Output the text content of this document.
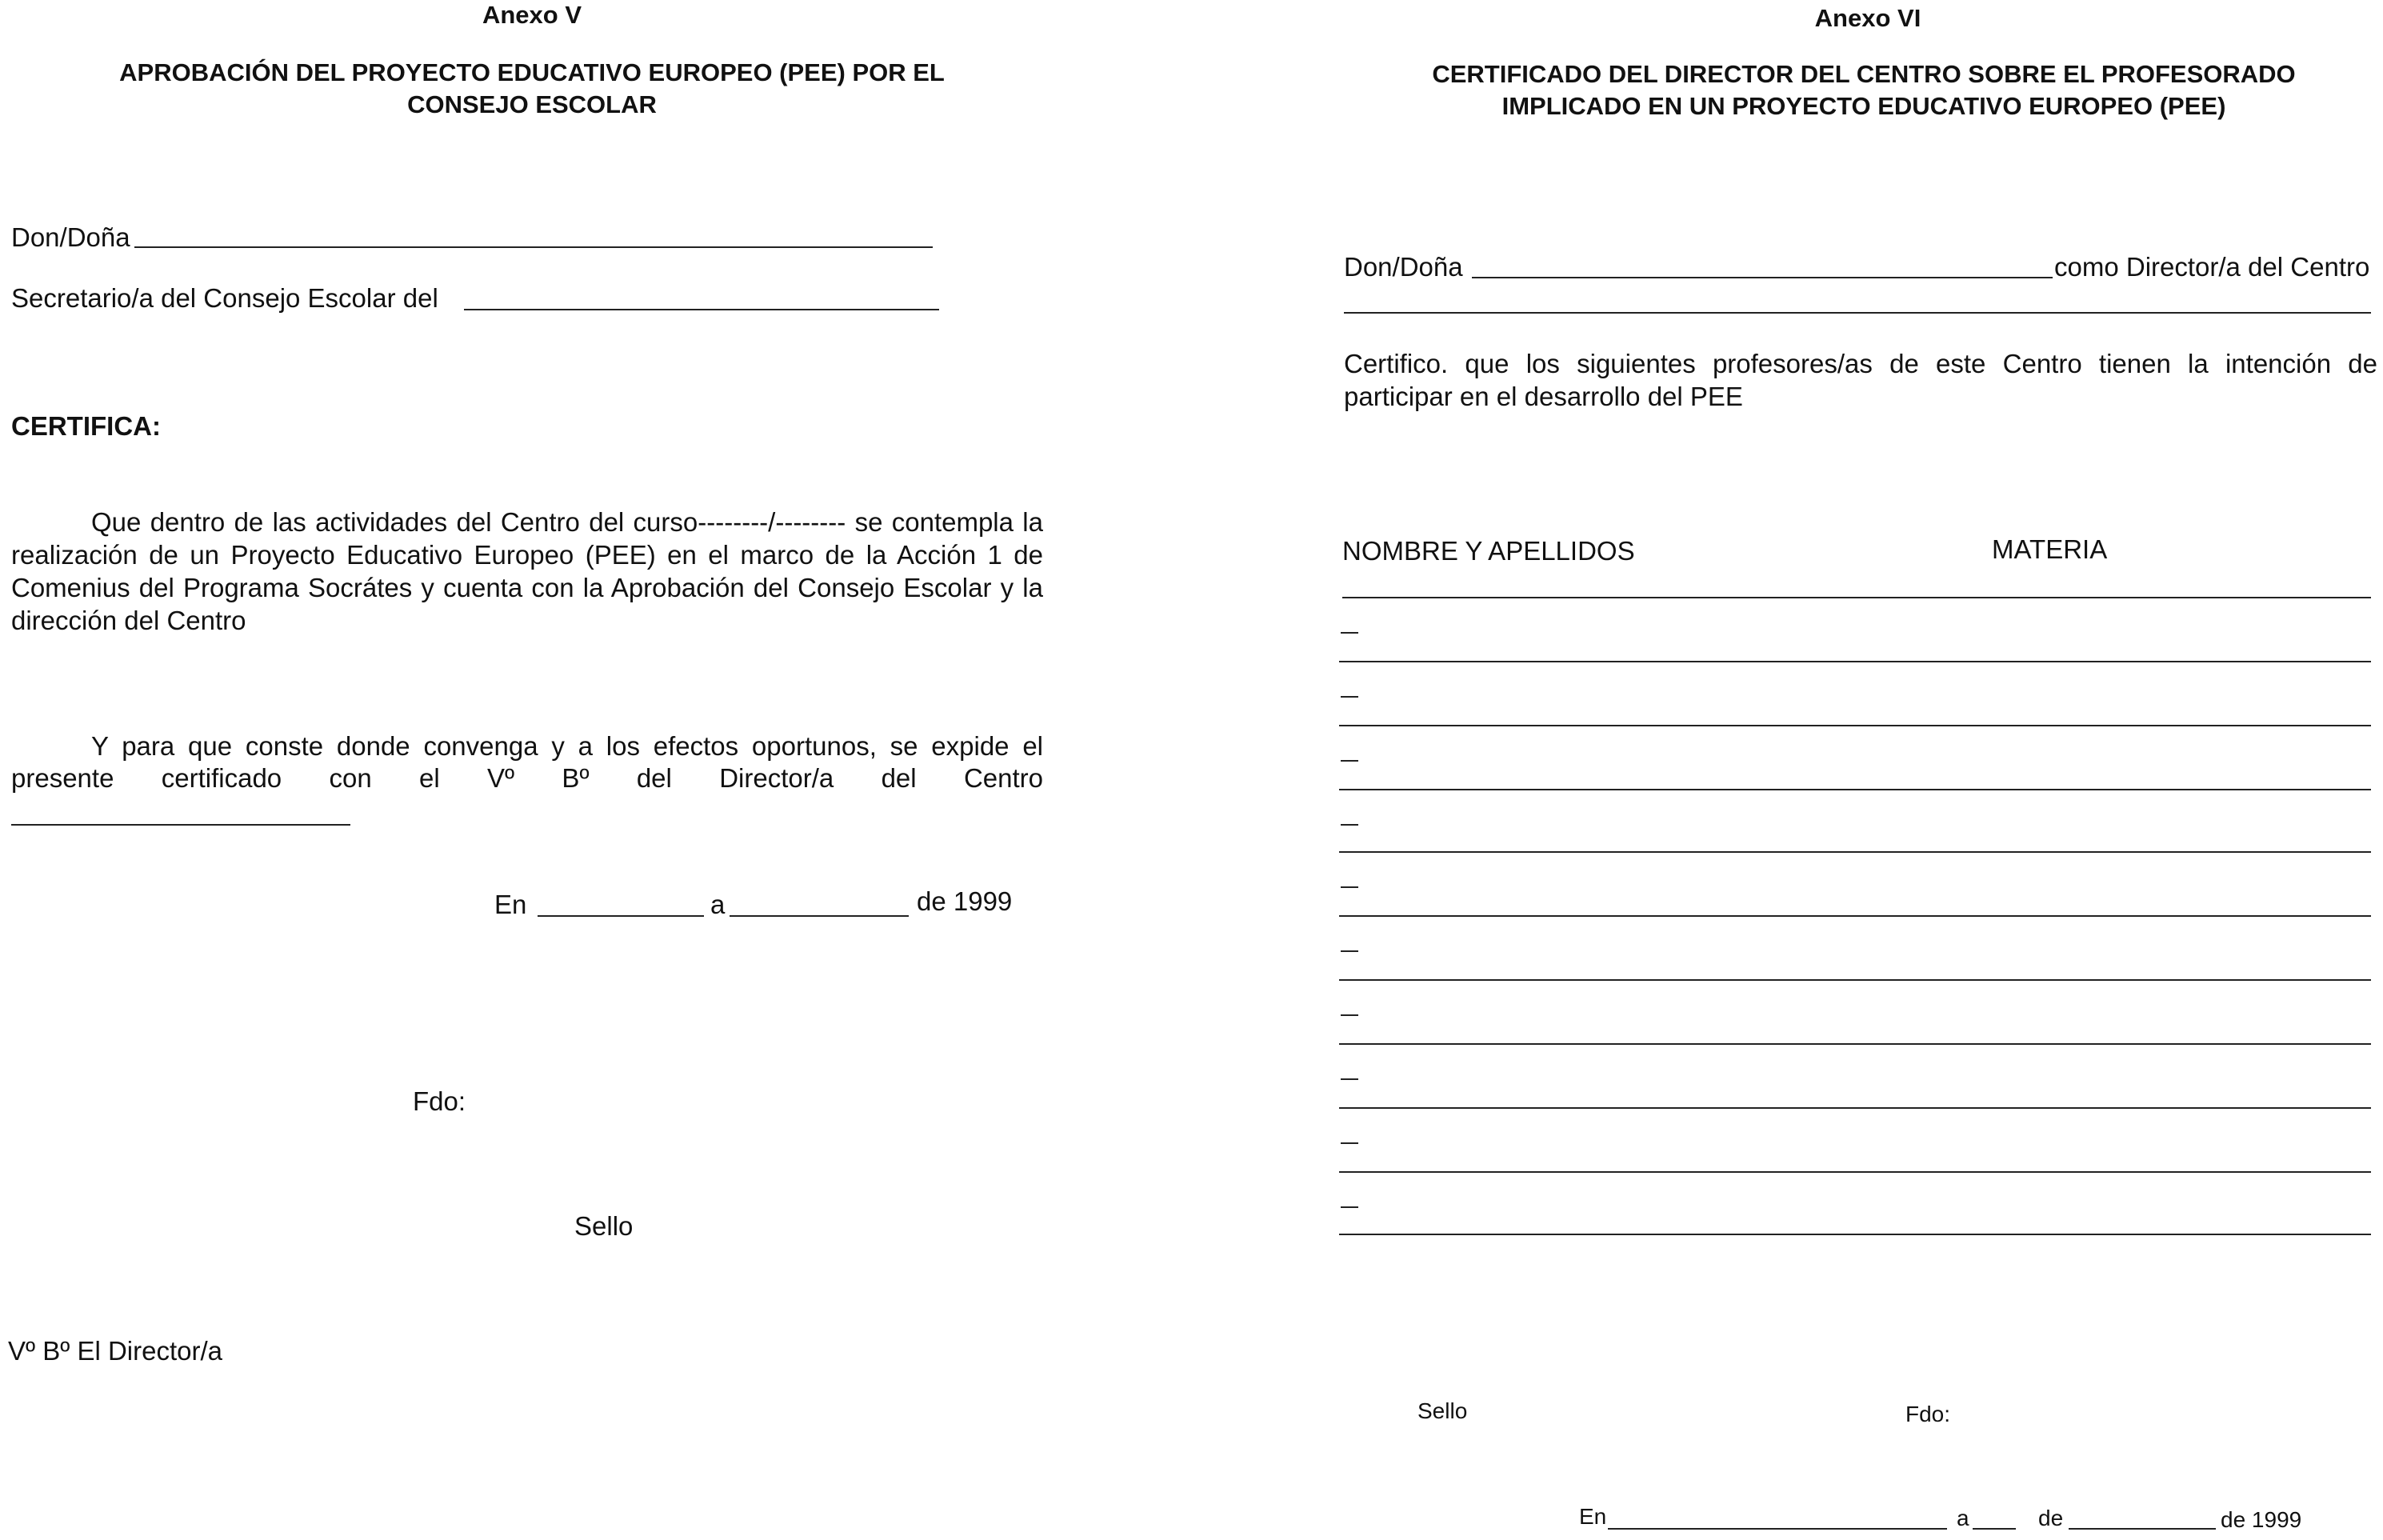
Anexo V
APROBACIÓN DEL PROYECTO EDUCATIVO EUROPEO (PEE) POR EL
CONSEJO ESCOLAR
Don/Doña
Secretario/a del Consejo Escolar del
CERTIFICA:
Que dentro de las actividades del Centro del curso--------/-------- se contempla la realización de un Proyecto Educativo Europeo (PEE) en el marco de la Acción 1 de Comenius del Programa Socrátes y cuenta con la Aprobación del Consejo Escolar y la dirección del Centro
Y para que conste donde convenga y a los efectos oportunos, se expide el
presente certificado con el Vº Bº del Director/a del Centro
En	a	de 1999
Fdo:
Sello
Vº Bº El Director/a
Anexo VI
CERTIFICADO DEL DIRECTOR DEL CENTRO SOBRE EL PROFESORADO
IMPLICADO EN UN PROYECTO EDUCATIVO EUROPEO (PEE)
Don/Doña	como Director/a del Centro
Certifico. que los siguientes profesores/as de este Centro tienen la intención de participar en el desarrollo del PEE
NOMBRE Y APELLIDOS	MATERIA
Sello	Fdo:
En	a	de	de 1999
